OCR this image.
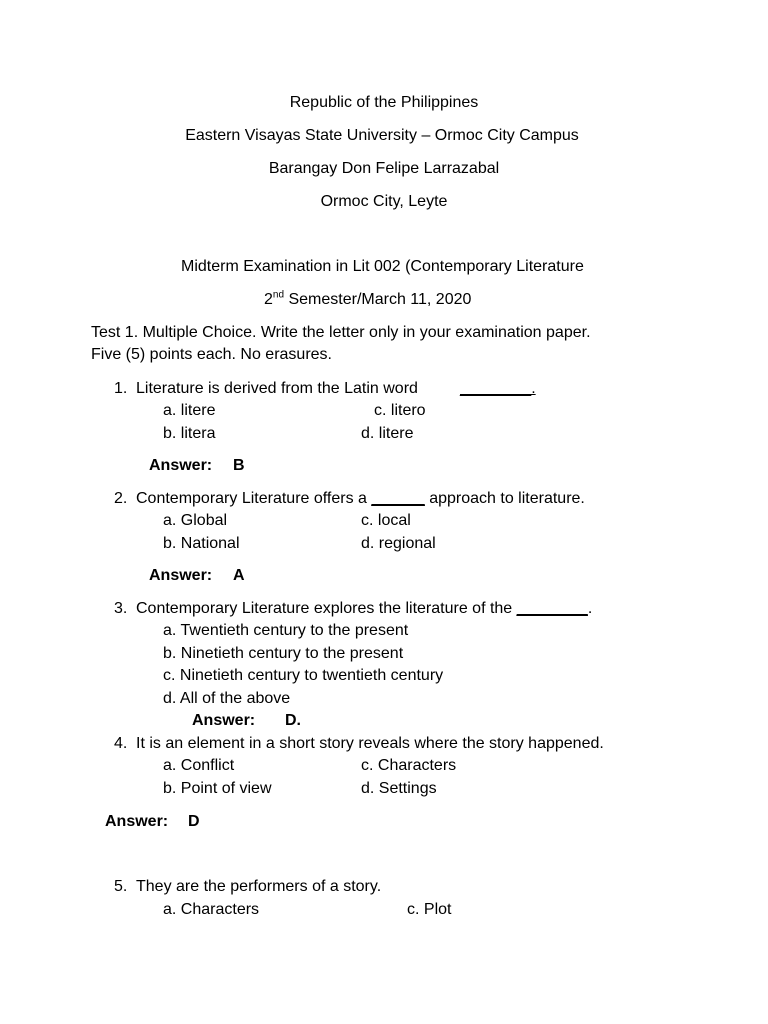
Republic of the Philippines
Eastern Visayas State University – Ormoc City Campus
Barangay Don Felipe Larrazabal
Ormoc City, Leyte
Midterm Examination in Lit 002 (Contemporary Literature
2nd Semester/March 11, 2020
Test 1. Multiple Choice. Write the letter only in your examination paper.
Five (5) points each. No erasures.
1. Literature is derived from the Latin word	________.
a. litere	c. litero
b. litera	d. litere
Answer: B
2. Contemporary Literature offers a ______ approach to literature.
a. Global	c. local
b. National	d. regional
Answer: A
3. Contemporary Literature explores the literature of the ________.
a. Twentieth century to the present
b. Ninetieth century to the present
c. Ninetieth century to twentieth century
d. All of the above
Answer: D.
4. It is an element in a short story reveals where the story happened.
a. Conflict	c. Characters
b. Point of view	d. Settings
Answer: D
5. They are the performers of a story.
a. Characters	c. Plot
